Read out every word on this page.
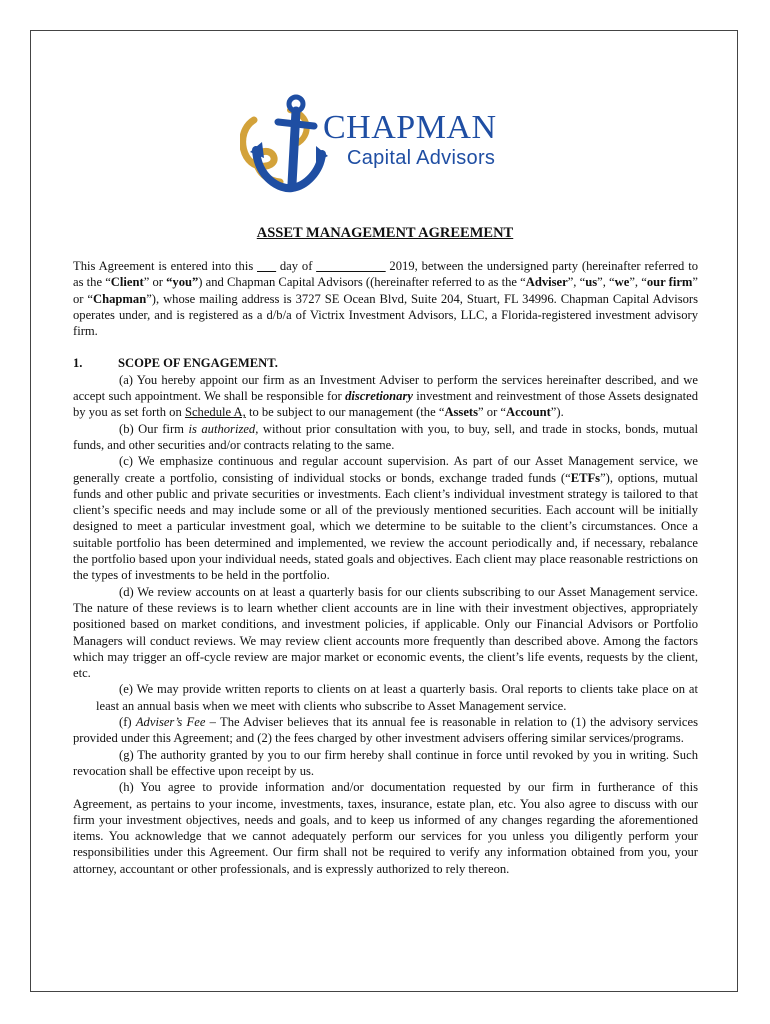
CHAPMAN
Capital Advisors
ASSET MANAGEMENT AGREEMENT

This Agreement is entered into this ___ day of ___________ 2019, between the undersigned party (hereinafter referred to as the “Client” or “you”) and Chapman Capital Advisors ((hereinafter referred to as the “Adviser”, “us”, “we”, “our firm” or “Chapman”), whose mailing address is 3727 SE Ocean Blvd, Suite 204, Stuart, FL 34996. Chapman Capital Advisors operates under, and is registered as a d/b/a of Victrix Investment Advisors, LLC, a Florida-registered investment advisory firm.

1.	SCOPE OF ENGAGEMENT.

(a) You hereby appoint our firm as an Investment Adviser to perform the services hereinafter described, and we accept such appointment. We shall be responsible for discretionary investment and reinvestment of those Assets designated by you as set forth on Schedule A, to be subject to our management (the “Assets” or “Account”).

(b) Our firm is authorized, without prior consultation with you, to buy, sell, and trade in stocks, bonds, mutual funds, and other securities and/or contracts relating to the same.

(c) We emphasize continuous and regular account supervision. As part of our Asset Management service, we generally create a portfolio, consisting of individual stocks or bonds, exchange traded funds (“ETFs”), options, mutual funds and other public and private securities or investments. Each client’s individual investment strategy is tailored to that client’s specific needs and may include some or all of the previously mentioned securities. Each account will be initially designed to meet a particular investment goal, which we determine to be suitable to the client’s circumstances. Once a suitable portfolio has been determined and implemented, we review the account periodically and, if necessary, rebalance the portfolio based upon your individual needs, stated goals and objectives. Each client may place reasonable restrictions on the types of investments to be held in the portfolio.

(d) We review accounts on at least a quarterly basis for our clients subscribing to our Asset Management service. The nature of these reviews is to learn whether client accounts are in line with their investment objectives, appropriately positioned based on market conditions, and investment policies, if applicable. Only our Financial Advisors or Portfolio Managers will conduct reviews. We may review client accounts more frequently than described above. Among the factors which may trigger an off-cycle review are major market or economic events, the client’s life events, requests by the client, etc.

(e) We may provide written reports to clients on at least a quarterly basis. Oral reports to clients take place on at least an annual basis when we meet with clients who subscribe to Asset Management service.

(f) Adviser’s Fee – The Adviser believes that its annual fee is reasonable in relation to (1) the advisory services provided under this Agreement; and (2) the fees charged by other investment advisers offering similar services/programs.

(g) The authority granted by you to our firm hereby shall continue in force until revoked by you in writing. Such revocation shall be effective upon receipt by us.

(h) You agree to provide information and/or documentation requested by our firm in furtherance of this Agreement, as pertains to your income, investments, taxes, insurance, estate plan, etc. You also agree to discuss with our firm your investment objectives, needs and goals, and to keep us informed of any changes regarding the aforementioned items. You acknowledge that we cannot adequately perform our services for you unless you diligently perform your responsibilities under this Agreement. Our firm shall not be required to verify any information obtained from you, your attorney, accountant or other professionals, and is expressly authorized to rely thereon.
